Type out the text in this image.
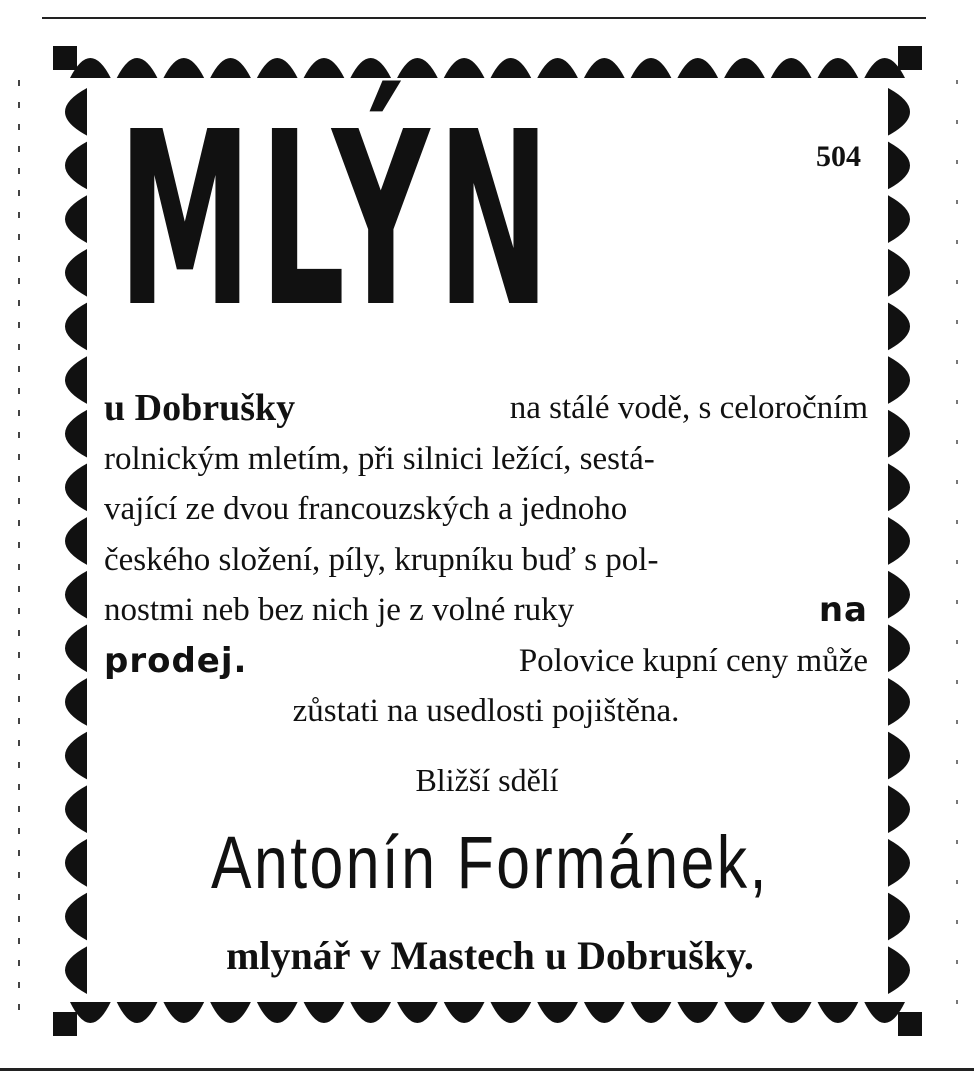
MLÝN	504
u Dobrušky	na stálé vodě, s celoročním
rolnickým mletím, při silnici ležící, sestá-
vající ze dvou francouzských a jednoho
českého složení, píly, krupníku buď s pol-
nostmi neb bez nich je z volné ruky	na
prodej.	Polovice kupní ceny může
zůstati na usedlosti pojištěna.
Bližší sdělí
Antonín Formánek,
mlynář v Mastech u Dobrušky.
